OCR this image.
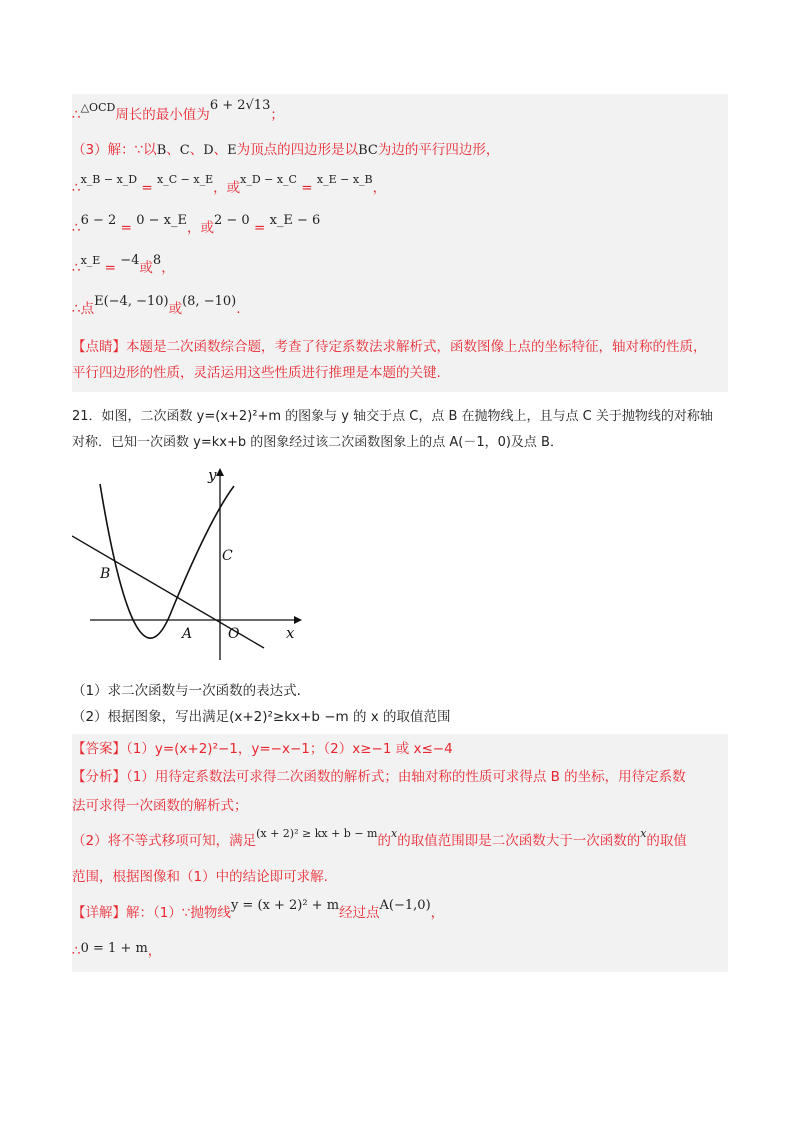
∴$^{\triangle OCD}$周长的最小值为6 + 2√13；
（3）解：∵以B、C、D、E为顶点的四边形是以BC为边的平行四边形，
∴$^{x\_B - x\_D}$ = $^{x\_C - x\_E}$，或$^{x\_D - x\_C}$ = $^{x\_E - x\_B}$，
∴6 − 2 = 0 − x_E，或2 − 0 = x_E − 6
∴$^{x\_E}$ = −4或8，
∴点E(−4, −10)或(8, −10).
【点睛】本题是二次函数综合题，考查了待定系数法求解析式，函数图像上点的坐标特征，轴对称的性质，
平行四边形的性质，灵活运用这些性质进行推理是本题的关键.
21．如图，二次函数 y=(x+2)²+m 的图象与 y 轴交于点 C，点 B 在抛物线上，且与点 C 关于抛物线的对称轴
对称．已知一次函数 y=kx+b 的图象经过该二次函数图象上的点 A(－1，0)及点 B．
y
x
B
C
A	O
（1）求二次函数与一次函数的表达式.
（2）根据图象，写出满足(x+2)²≥kx+b −m 的 x 的取值范围
【答案】（1）y=(x+2)²−1，y=−x−1；（2）x≥−1 或 x≤−4
【分析】（1）用待定系数法可求得二次函数的解析式；由轴对称的性质可求得点 B 的坐标，用待定系数
法可求得一次函数的解析式；
（2）将不等式移项可知，满足$^{(x + 2)^2 \ge kx + b - m}$的$^x$的取值范围即是二次函数大于一次函数的$^x$的取值
范围，根据图像和（1）中的结论即可求解.
【详解】解：（1）∵抛物线y = (x + 2)² + m经过点A(−1,0)，
∴0 = 1 + m，
